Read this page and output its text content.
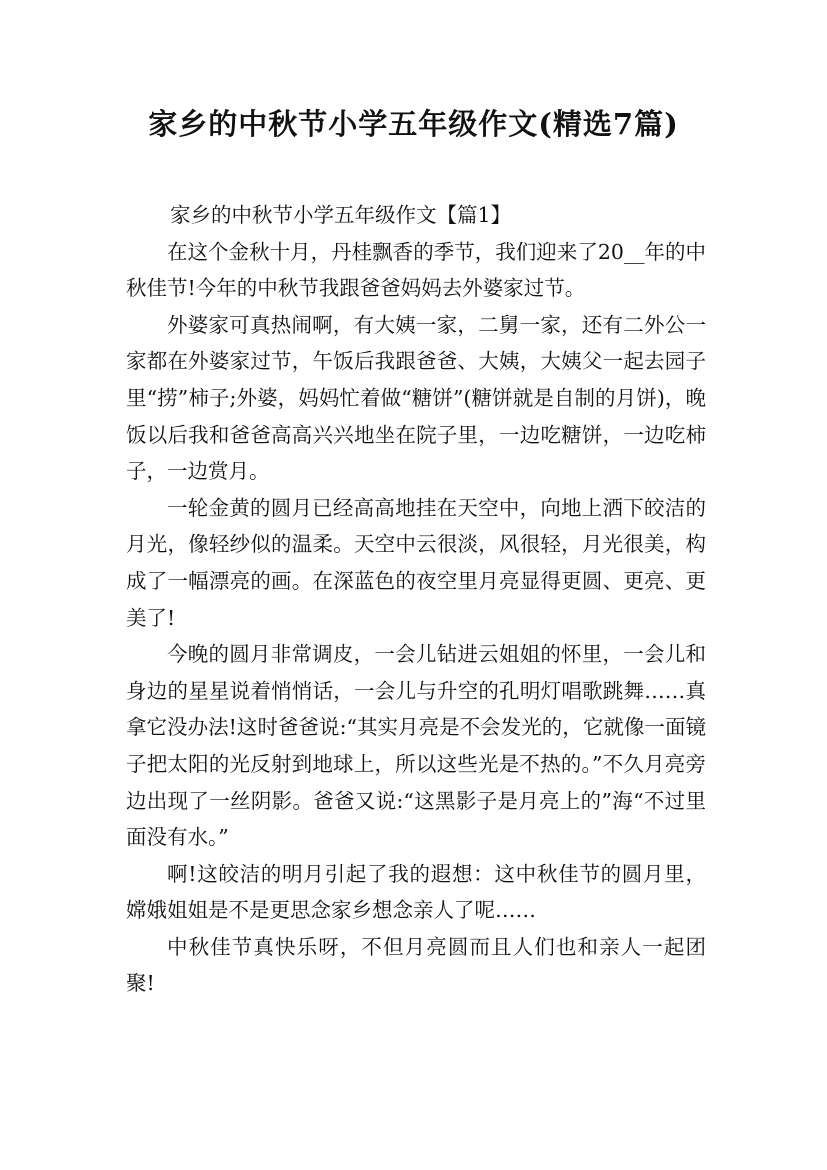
家乡的中秋节小学五年级作文(精选7篇)

家乡的中秋节小学五年级作文【篇1】

在这个金秋十月，丹桂飘香的季节，我们迎来了20__年的中秋佳节!今年的中秋节我跟爸爸妈妈去外婆家过节。

外婆家可真热闹啊，有大姨一家，二舅一家，还有二外公一家都在外婆家过节，午饭后我跟爸爸、大姨，大姨父一起去园子里“捞”柿子;外婆，妈妈忙着做“糖饼”(糖饼就是自制的月饼)，晚饭以后我和爸爸高高兴兴地坐在院子里，一边吃糖饼，一边吃柿子，一边赏月。

一轮金黄的圆月已经高高地挂在天空中，向地上洒下皎洁的月光，像轻纱似的温柔。天空中云很淡，风很轻，月光很美，构成了一幅漂亮的画。在深蓝色的夜空里月亮显得更圆、更亮、更美了!

今晚的圆月非常调皮，一会儿钻进云姐姐的怀里，一会儿和身边的星星说着悄悄话，一会儿与升空的孔明灯唱歌跳舞……真拿它没办法!这时爸爸说:“其实月亮是不会发光的，它就像一面镜子把太阳的光反射到地球上，所以这些光是不热的。”不久月亮旁边出现了一丝阴影。爸爸又说:“这黑影子是月亮上的”海“不过里面没有水。”

啊!这皎洁的明月引起了我的遐想：这中秋佳节的圆月里，嫦娥姐姐是不是更思念家乡想念亲人了呢……

中秋佳节真快乐呀，不但月亮圆而且人们也和亲人一起团聚!
